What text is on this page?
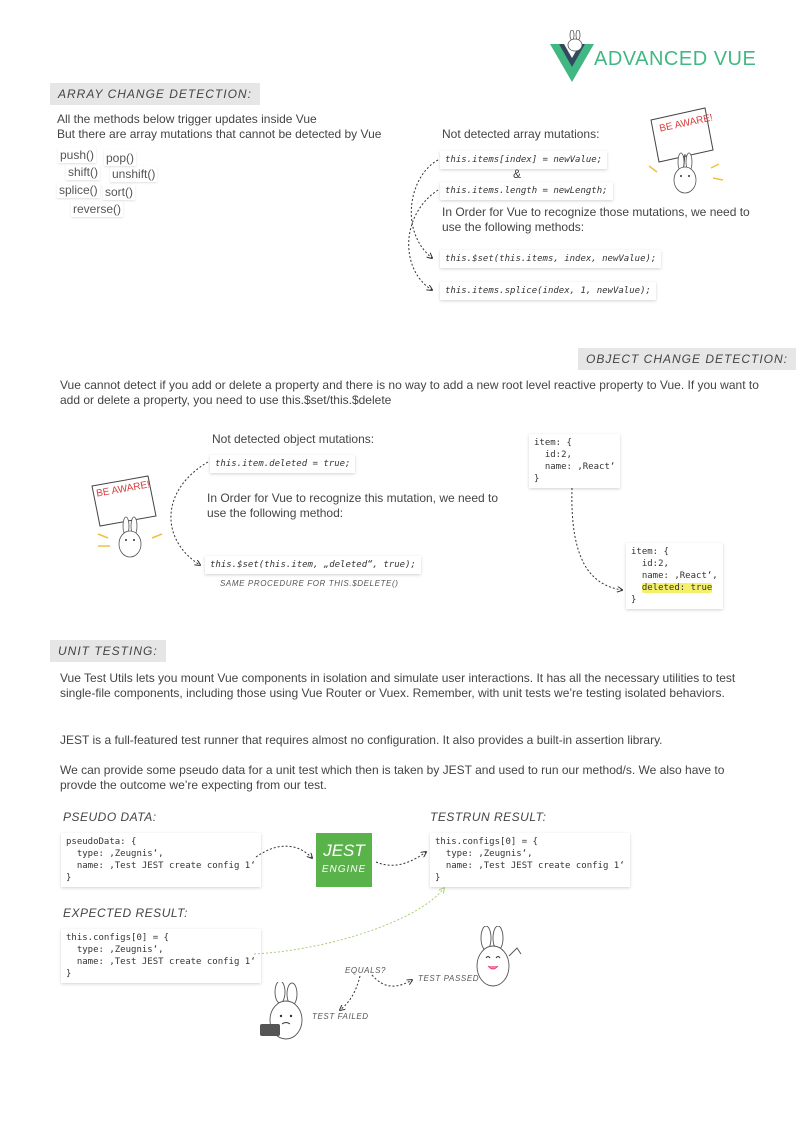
ADVANCED VUE
ARRAY CHANGE DETECTION:
All the methods below trigger updates inside Vue
But there are array mutations that cannot be detected by Vue
push() pop()
shift() unshift()
splice() sort()
reverse()
Not detected array mutations:
this.items[index] = newValue;
&
this.items.length = newLength;
In Order for Vue to recognize those mutations, we need to use the following methods:
this.$set(this.items, index, newValue);
this.items.splice(index, 1, newValue);
BE AWARE!
OBJECT CHANGE DETECTION:
Vue cannot detect if you add or delete a property and there is no way to add a new root level reactive property to Vue. If you want to add or delete a property, you need to use this.$set/this.$delete
Not detected object mutations:
this.item.deleted = true;
In Order for Vue to recognize this mutation, we need to use the following method:
this.$set(this.item, „deleted“, true);
SAME PROCEDURE FOR THIS.$DELETE()
item: {
id:2,
name: ‚React‘
}
item: {
id:2,
name: ‚React‘,
deleted: true
}
BE AWARE!
UNIT TESTING:
Vue Test Utils lets you mount Vue components in isolation and simulate user interactions. It has all the necessary utilities to test single-file components, including those using Vue Router or Vuex. Remember, with unit tests we’re testing isolated behaviors.
JEST is a full-featured test runner that requires almost no configuration. It also provides a built-in assertion library.
We can provide some pseudo data for a unit test which then is taken by JEST and used to run our method/s. We also have to provde the outcome we’re expecting from our test.
PSEUDO DATA:
pseudoData: {
type: ‚Zeugnis‘,
name: ‚Test JEST create config 1‘
}
JEST
ENGINE
TESTRUN RESULT:
this.configs[0] = {
type: ‚Zeugnis‘,
name: ‚Test JEST create config 1‘
}
EXPECTED RESULT:
this.configs[0] = {
type: ‚Zeugnis‘,
name: ‚Test JEST create config 1‘
}	EQUALS?
TEST PASSED
TEST FAILED
